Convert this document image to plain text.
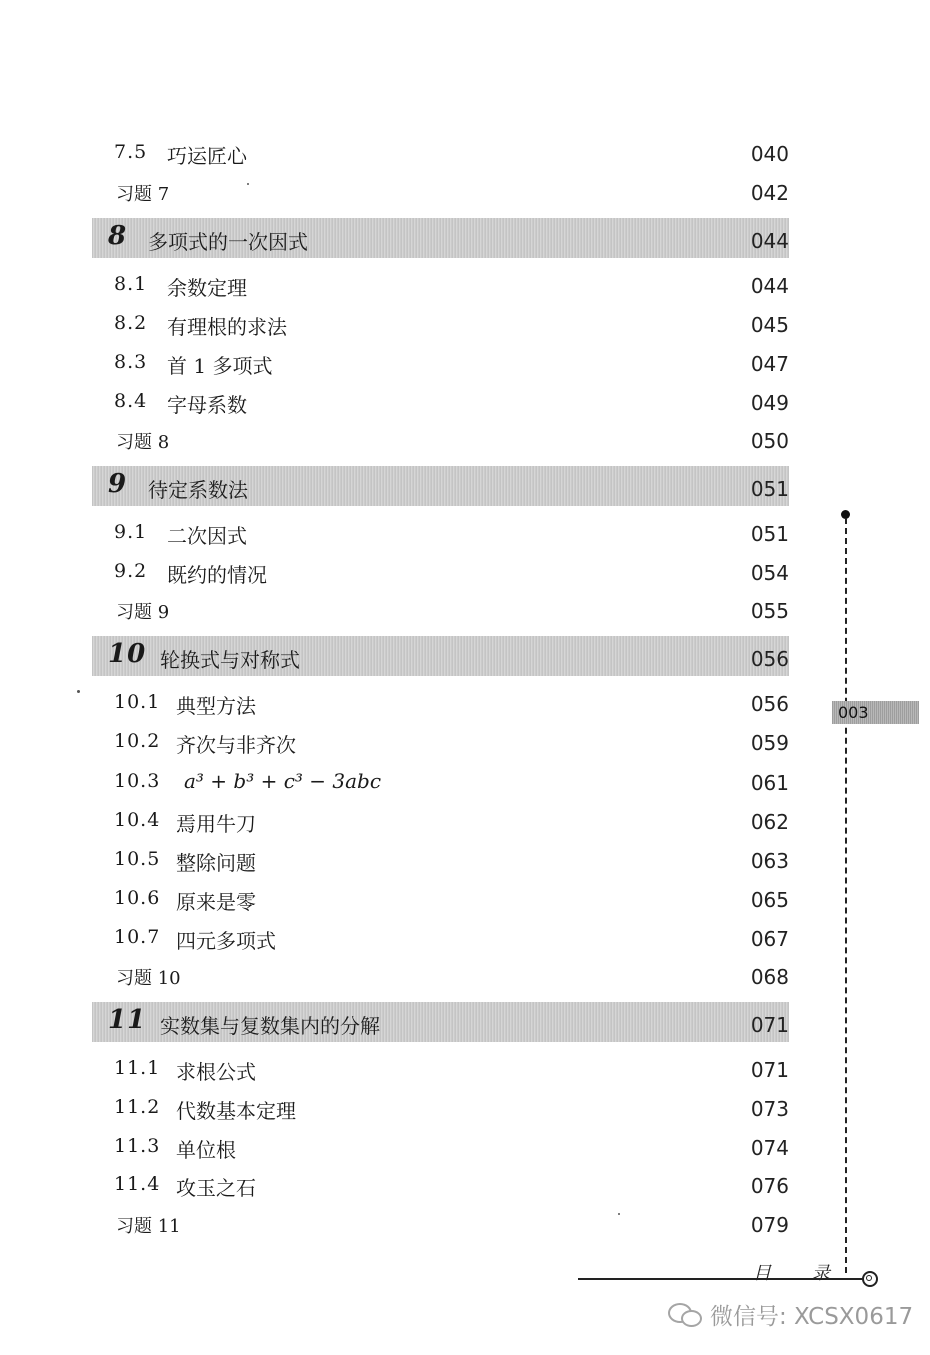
7.5 巧运匠心	040
习题 7	042
8 多项式的一次因式	044
8.1 余数定理	044
8.2 有理根的求法	045
8.3 首 1 多项式	047
8.4 字母系数	049
习题 8	050
9 待定系数法	051
9.1 二次因式	051
9.2 既约的情况	054
习题 9	055
10 轮换式与对称式	056
10.1 典型方法	056
10.2 齐次与非齐次	059
10.3 a³ + b³ + c³ − 3abc	061
10.4 焉用牛刀	062
10.5 整除问题	063
10.6 原来是零	065
10.7 四元多项式	067
习题 10	068
11 实数集与复数集内的分解	071
11.1 求根公式	071
11.2 代数基本定理	073
11.3 单位根	074
11.4 攻玉之石	076
习题 11	079
003
目 录
微信号: XCSX0617
